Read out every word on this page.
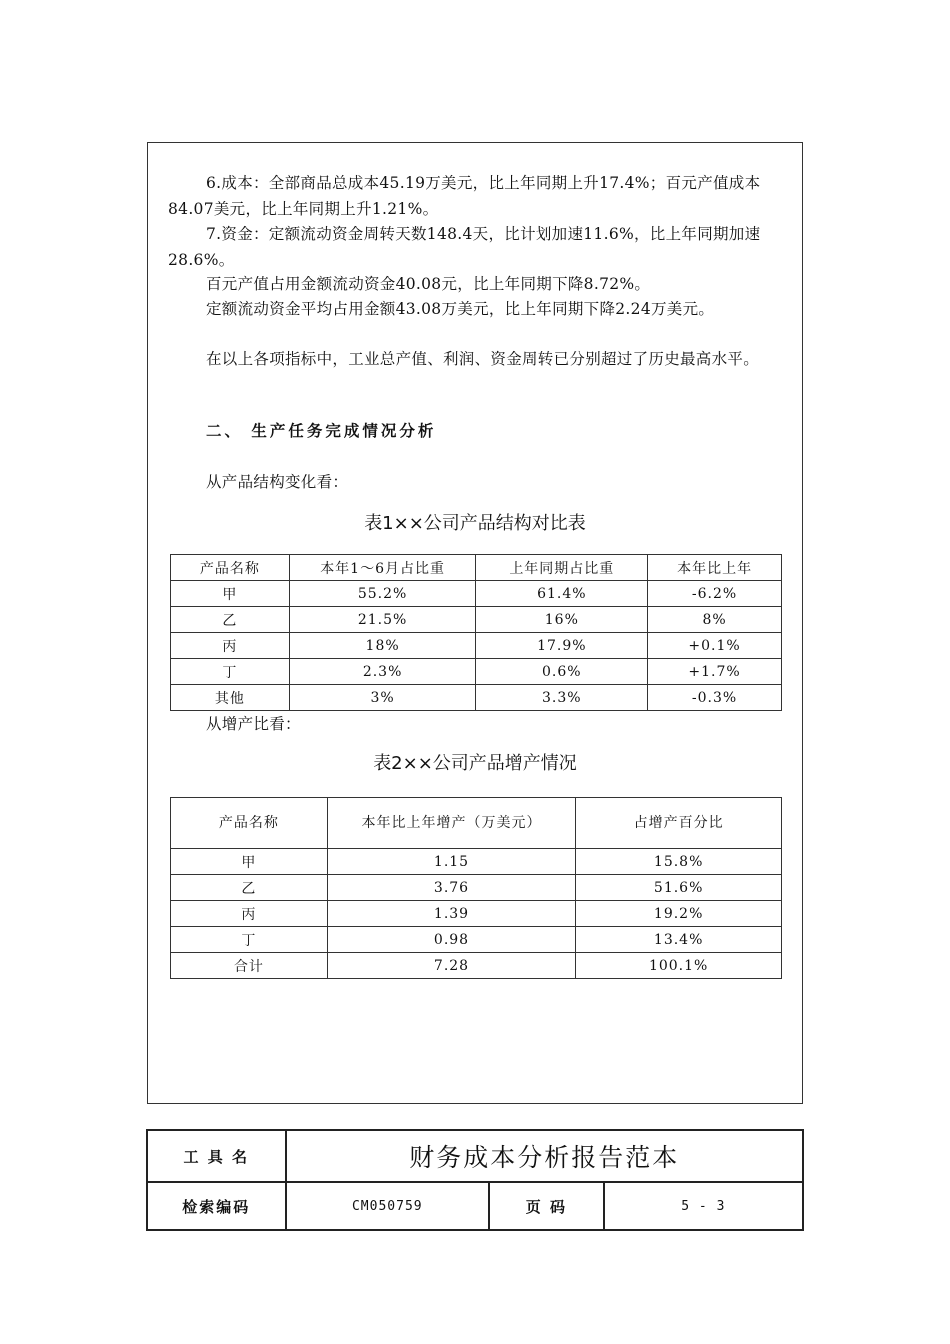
6.成本：全部商品总成本45.19万美元，比上年同期上升17.4%；百元产值成本84.07美元，比上年同期上升1.21%。

7.资金：定额流动资金周转天数148.4天，比计划加速11.6%，比上年同期加速28.6%。

百元产值占用金额流动资金40.08元，比上年同期下降8.72%。

定额流动资金平均占用金额43.08万美元，比上年同期下降2.24万美元。

在以上各项指标中，工业总产值、利润、资金周转已分别超过了历史最高水平。

二、 生产任务完成情况分析

从产品结构变化看：

表1××公司产品结构对比表

产品名称	本年1～6月占比重	上年同期占比重	本年比上年
甲	55.2%	61.4%	-6.2%
乙	21.5%	16%	8%
丙	18%	17.9%	+0.1%
丁	2.3%	0.6%	+1.7%
其他	3%	3.3%	-0.3%

从增产比看：

表2××公司产品增产情况

产品名称	本年比上年增产（万美元）	占增产百分比
甲	1.15	15.8%
乙	3.76	51.6%
丙	1.39	19.2%
丁	0.98	13.4%
合计	7.28	100.1%
工 具 名	财务成本分析报告范本		
检索编码	CM050759	页 码	5 - 3
